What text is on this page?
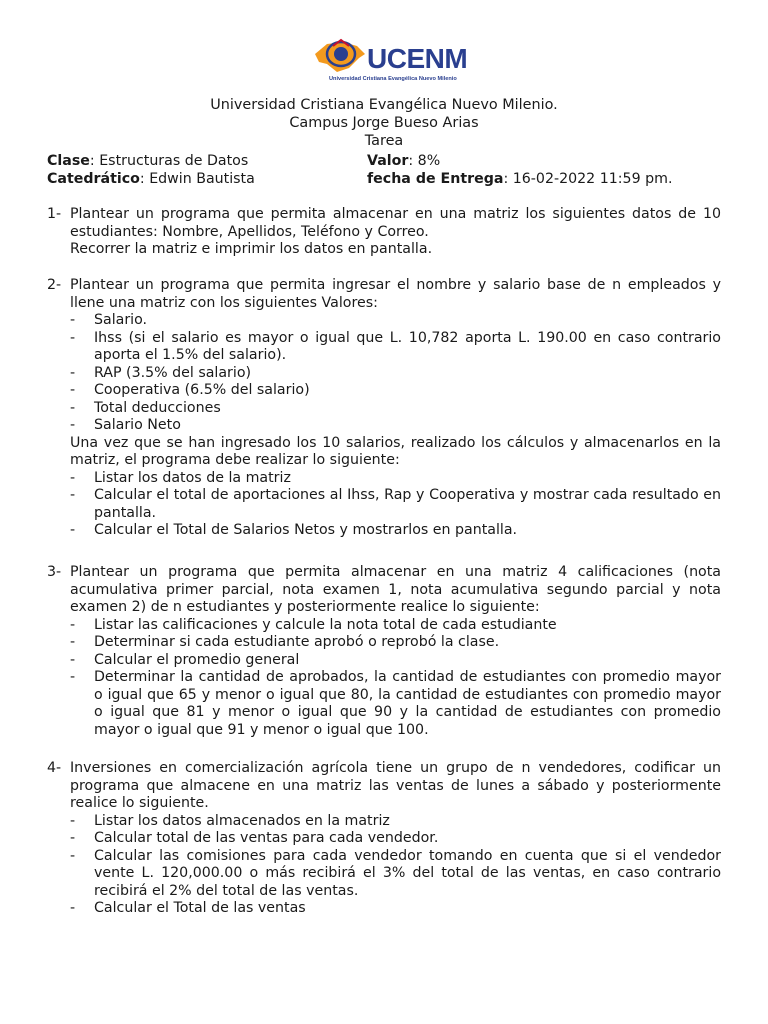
UCENM
Universidad Cristiana Evangélica Nuevo Milenio
Universidad Cristiana Evangélica Nuevo Milenio.
Campus Jorge Bueso Arias
Tarea
Clase: Estructuras de Datos	Valor: 8%
Catedrático: Edwin Bautista	fecha de Entrega: 16-02-2022 11:59 pm.
1- Plantear un programa que permita almacenar en una matriz los siguientes datos de 10 estudiantes: Nombre, Apellidos, Teléfono y Correo.
Recorrer la matriz e imprimir los datos en pantalla.
2- Plantear un programa que permita ingresar el nombre y salario base de n empleados y llene una matriz con los siguientes Valores:
- Salario.
- Ihss (si el salario es mayor o igual que L. 10,782 aporta L. 190.00 en caso contrario aporta el 1.5% del salario).
- RAP (3.5% del salario)
- Cooperativa (6.5% del salario)
- Total deducciones
- Salario Neto
Una vez que se han ingresado los 10 salarios, realizado los cálculos y almacenarlos en la matriz, el programa debe realizar lo siguiente:
- Listar los datos de la matriz
- Calcular el total de aportaciones al Ihss, Rap y Cooperativa y mostrar cada resultado en pantalla.
- Calcular el Total de Salarios Netos y mostrarlos en pantalla.
3- Plantear un programa que permita almacenar en una matriz 4 calificaciones (nota acumulativa primer parcial, nota examen 1, nota acumulativa segundo parcial y nota examen 2) de n estudiantes y posteriormente realice lo siguiente:
- Listar las calificaciones y calcule la nota total de cada estudiante
- Determinar si cada estudiante aprobó o reprobó la clase.
- Calcular el promedio general
- Determinar la cantidad de aprobados, la cantidad de estudiantes con promedio mayor o igual que 65 y menor o igual que 80, la cantidad de estudiantes con promedio mayor o igual que 81 y menor o igual que 90 y la cantidad de estudiantes con promedio mayor o igual que 91 y menor o igual que 100.
4- Inversiones en comercialización agrícola tiene un grupo de n vendedores, codificar un programa que almacene en una matriz las ventas de lunes a sábado y posteriormente realice lo siguiente.
- Listar los datos almacenados en la matriz
- Calcular total de las ventas para cada vendedor.
- Calcular las comisiones para cada vendedor tomando en cuenta que si el vendedor vente L. 120,000.00 o más recibirá el 3% del total de las ventas, en caso contrario recibirá el 2% del total de las ventas.
- Calcular el Total de las ventas
